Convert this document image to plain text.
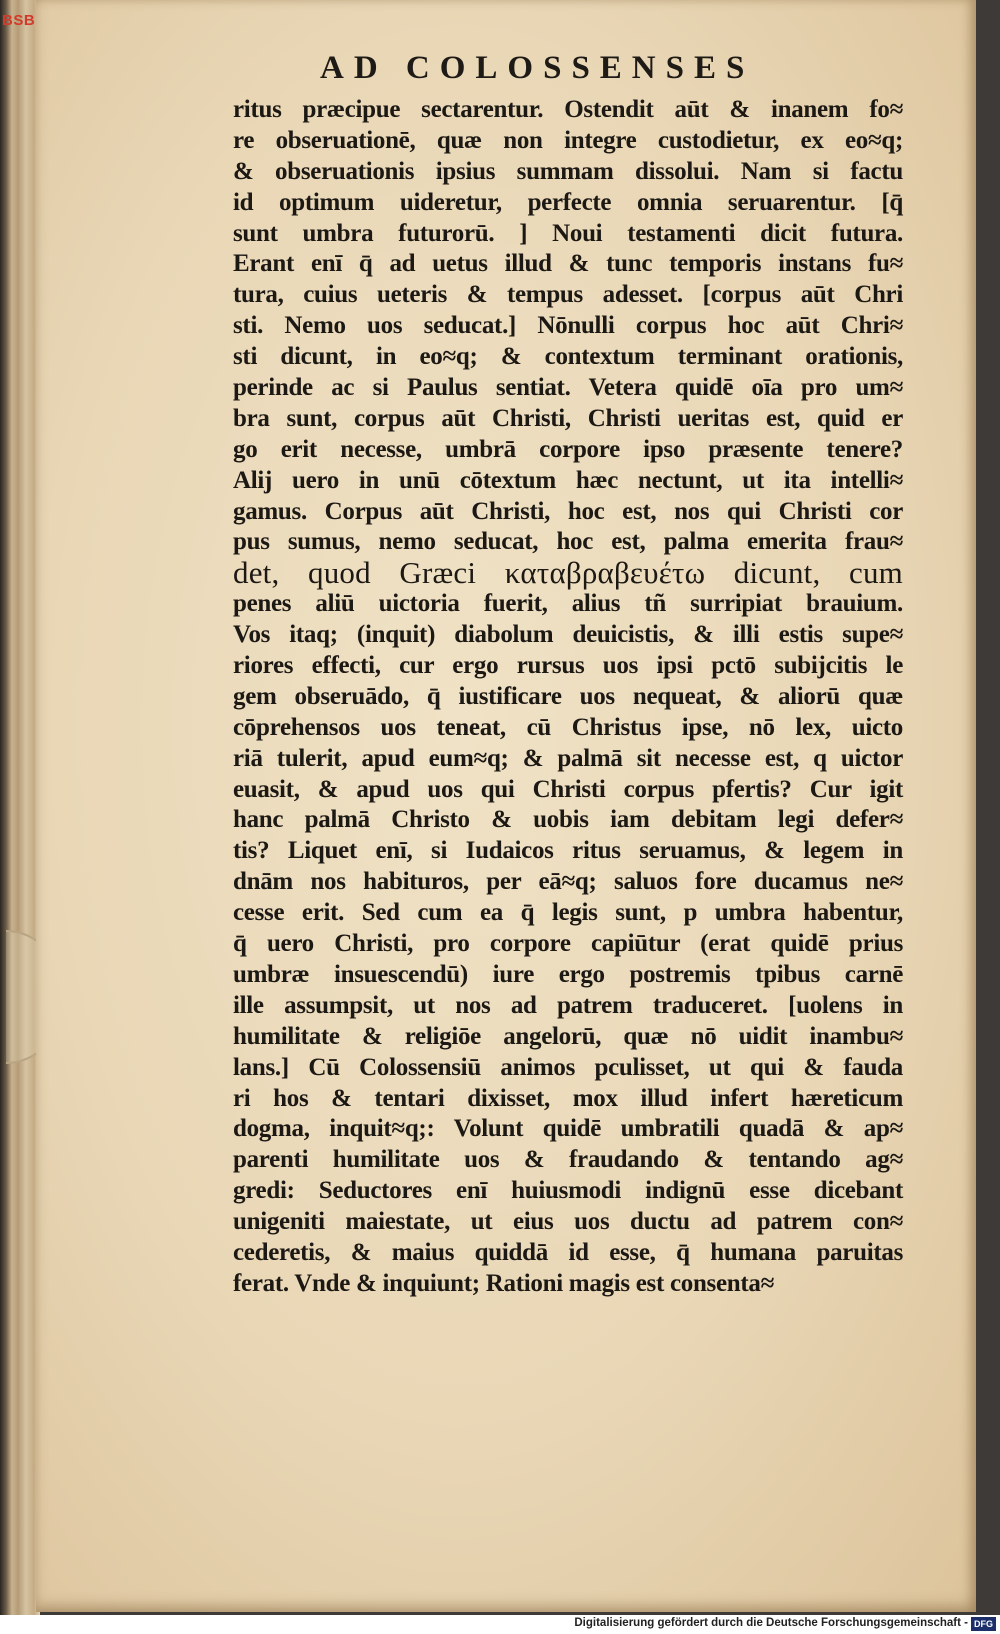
BSB
AD COLOSSENSES
ritus præcipue sectarentur. Ostendit aūt & inanem fo≈
re obseruationē, quæ non integre custodietur, ex eo≈q;
& obseruationis ipsius summam dissolui. Nam si factu
id optimum uideretur, perfecte omnia seruarentur. [q̄
sunt umbra futurorū. ] Noui testamenti dicit futura.
Erant enī q̄ ad uetus illud & tunc temporis instans fu≈
tura, cuius ueteris & tempus adesset. [corpus aūt Chri
sti. Nemo uos seducat.] Nōnulli corpus hoc aūt Chri≈
sti dicunt, in eo≈q; & contextum terminant orationis,
perinde ac si Paulus sentiat. Vetera quidē oīa pro um≈
bra sunt, corpus aūt Christi, Christi ueritas est, quid er
go erit necesse, umbrā corpore ipso præsente tenere?
Alij uero in unū cōtextum hæc nectunt, ut ita intelli≈
gamus. Corpus aūt Christi, hoc est, nos qui Christi cor
pus sumus, nemo seducat, hoc est, palma emerita frau≈
det, quod Græci καταβραβευέτω dicunt, cum
penes aliū uictoria fuerit, alius tñ surripiat brauium.
Vos itaq; (inquit) diabolum deuicistis, & illi estis supe≈
riores effecti, cur ergo rursus uos ipsi pctō subijcitis le
gem obseruādo, q̄ iustificare uos nequeat, & aliorū quæ
cōprehensos uos teneat, cū Christus ipse, nō lex, uicto
riā tulerit, apud eum≈q; & palmā sit necesse est, q uictor
euasit, & apud uos qui Christi corpus pfertis? Cur igit
hanc palmā Christo & uobis iam debitam legi defer≈
tis? Liquet enī, si Iudaicos ritus seruamus, & legem in
dnām nos habituros, per eā≈q; saluos fore ducamus ne≈
cesse erit. Sed cum ea q̄ legis sunt, p umbra habentur,
q̄ uero Christi, pro corpore capiūtur (erat quidē prius
umbræ insuescendū) iure ergo postremis tpibus carnē
ille assumpsit, ut nos ad patrem traduceret. [uolens in
humilitate & religiōe angelorū, quæ nō uidit inambu≈
lans.] Cū Colossensiū animos pculisset, ut qui & fauda
ri hos & tentari dixisset, mox illud infert hæreticum
dogma, inquit≈q;: Volunt quidē umbratili quadā & ap≈
parenti humilitate uos & fraudando & tentando ag≈
gredi: Seductores enī huiusmodi indignū esse dicebant
unigeniti maiestate, ut eius uos ductu ad patrem con≈
cederetis, & maius quiddā id esse, q̄ humana paruitas
ferat. Vnde & inquiunt; Rationi magis est consenta≈
Digitalisierung gefördert durch die Deutsche Forschungsgemeinschaft - DFG
